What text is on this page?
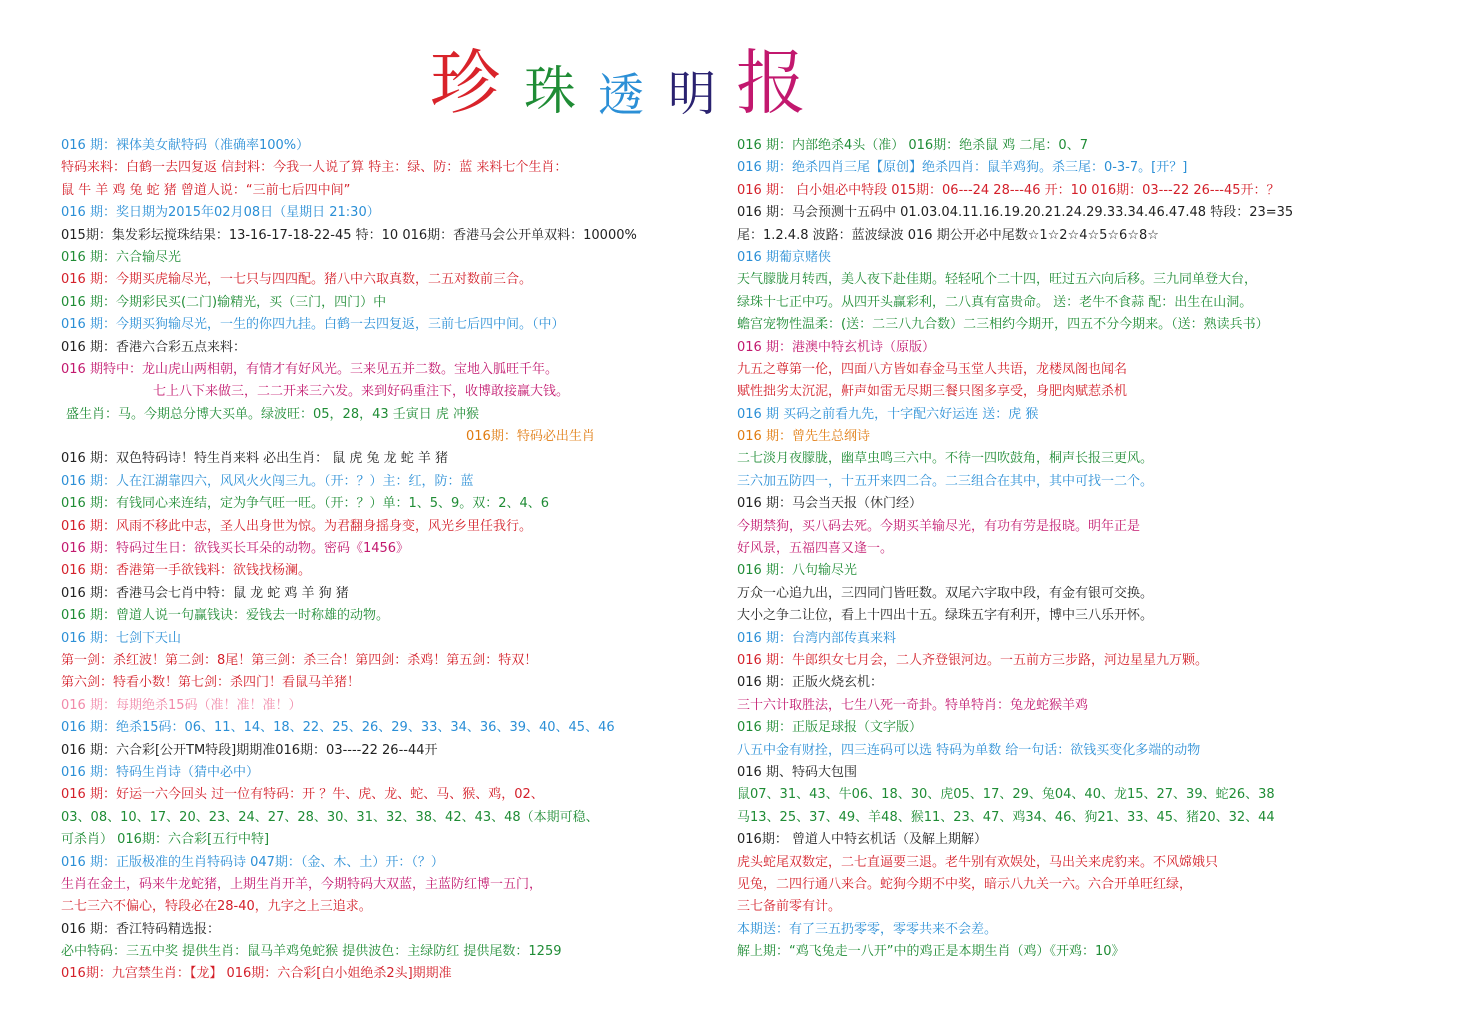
珍 珠 透 明 报
016 期：裸体美女献特码（准确率100%）
特码来料：白鹤一去四复返 信封料：今我一人说了算 特主：绿、防：蓝 来料七个生肖：
鼠 牛 羊 鸡 兔 蛇 猪 曾道人说：“三前七后四中间”
016 期：奖日期为2015年02月08日（星期日 21:30）
015期：集发彩坛搅珠结果：13-16-17-18-22-45 特：10 016期：香港马会公开单双料：10000%
016 期：六合输尽光
016 期：今期买虎输尽光，一七只与四四配。猪八中六取真数，二五对数前三合。
016 期：今期彩民买(二门)输精光，买（三门，四门）中
016 期：今期买狗输尽光，一生的你四九挂。白鹤一去四复返，三前七后四中间。（中）
016 期：香港六合彩五点来料：
016 期特中：龙山虎山两相朝，有情才有好风光。三来见五并二数。宝地入胍旺千年。
七上八下来做三，二二开来三六发。来到好码重注下，收博敢接赢大钱。
盛生肖：马。今期总分博大买单。绿波旺：05，28，43 壬寅日 虎 冲猴
016期：特码必出生肖
016 期：双色特码诗！特生肖来料 必出生肖： 鼠 虎 兔 龙 蛇 羊 猪
016 期：人在江湖靠四六，风风火火闯三九。（开：？）主：红，防：蓝
016 期：有钱同心来连结，定为争气旺一旺。（开：？）单：1、5、9。双：2、4、6
016 期：风雨不移此中志，圣人出身世为惊。为君翻身摇身变，风光乡里任我行。
016 期：特码过生日：欲钱买长耳朵的动物。密码《1456》
016 期：香港第一手欲钱料：欲钱找杨澜。
016 期：香港马会七肖中特：鼠 龙 蛇 鸡 羊 狗 猪
016 期：曾道人说一句赢钱诀：爱钱去一时称雄的动物。
016 期：七剑下天山
第一剑：杀红波！第二剑：8尾！第三剑：杀三合！第四剑：杀鸡！第五剑：特双！
第六剑：特看小数！第七剑：杀四门！看鼠马羊猪！
016 期：每期绝杀15码（准！准！准！）
016 期：绝杀15码：06、11、14、18、22、25、26、29、33、34、36、39、40、45、46
016 期：六合彩[公开TM特段]期期准016期：03----22 26--44开
016 期：特码生肖诗（猜中必中）
016 期：好运一六今回头 过一位有特码：开 ？牛、虎、龙、蛇、马、猴、鸡，02、
03、08、10、17、20、23、24、27、28、30、31、32、38、42、43、48（本期可稳、
可杀肖） 016期：六合彩[五行中特]
016 期：正版极准的生肖特码诗 047期：（金、木、土）开：（？）
生肖在金土，码来牛龙蛇猪，上期生肖开羊，今期特码大双蓝，主蓝防红博一五门，
二七三六不偏心，特段必在28-40，九字之上三追求。
016 期：香江特码精选报：
必中特码：三五中奖 提供生肖：鼠马羊鸡兔蛇猴 提供波色：主绿防红 提供尾数：1259
016期：九宫禁生肖：【龙】 016期：六合彩[白小姐绝杀2头]期期准
016 期：内部绝杀4头（准） 016期：绝杀鼠 鸡 二尾：0、7
016 期：绝杀四肖三尾【原创】绝杀四肖：鼠羊鸡狗。杀三尾：0-3-7。[开？]
016 期： 白小姐必中特段 015期：06---24 28---46 开：10 016期：03---22 26---45开：？
016 期：马会预测十五码中 01.03.04.11.16.19.20.21.24.29.33.34.46.47.48 特段：23=35
尾：1.2.4.8 波路：蓝波绿波 016 期公开必中尾数☆1☆2☆4☆5☆6☆8☆
016 期葡京赌侠
天气朦胧月转西，美人夜下赴佳期。轻轻吼个二十四，旺过五六向后移。三九同单登大台，
绿珠十七正中巧。从四开头赢彩利，二八真有富贵命。 送：老牛不食蒜 配：出生在山洞。
蟾宫宠物性温柔：(送：二三八九合数）二三相约今期开，四五不分今期来。（送：熟读兵书）
016 期：港澳中特玄机诗（原版）
九五之尊第一伦，四面八方皆如春金马玉堂人共语，龙楼凤阁也闻名
赋性拙劣太沉泥，鼾声如雷无尽期三餐只图多享受，身肥肉赋惹杀机
016 期 买码之前看九先，十字配六好运连 送：虎 猴
016 期：曾先生总纲诗
二七淡月夜朦胧，幽草虫鸣三六中。不待一四吹鼓角，桐声长报三更风。
三六加五防四一，十五开来四二合。二三组合在其中，其中可找一二个。
016 期：马会当天报（休门经）
今期禁狗，买八码去死。今期买羊输尽光，有功有劳是报晓。明年正是
好风景，五福四喜又逢一。
016 期：八句输尽光
万众一心追九出，三四同门皆旺数。双尾六字取中段，有金有银可交换。
大小之争二让位，看上十四出十五。绿珠五字有利开，博中三八乐开怀。
016 期：台湾内部传真来料
016 期：牛郎织女七月会，二人齐登银河边。一五前方三步路，河边星星九万颗。
016 期：正版火烧玄机：
三十六计取胜法，七生八死一奇卦。特单特肖：兔龙蛇猴羊鸡
016 期：正版足球报（文字版）
八五中金有财拴，四三连码可以选 特码为单数 给一句话：欲钱买变化多端的动物
016 期、特码大包围
鼠07、31、43、牛06、18、30、虎05、17、29、兔04、40、龙15、27、39、蛇26、38
马13、25、37、49、羊48、猴11、23、47、鸡34、46、狗21、33、45、猪20、32、44
016期： 曾道人中特玄机话（及解上期解）
虎头蛇尾双数定，二七直逼要三退。老牛别有欢娱处，马出关来虎豹来。不风嫦娥只
见兔，二四行通八来合。蛇狗今期不中奖，暗示八九关一六。六合开单旺红绿，
三七备前零有计。
本期送：有了三五扔零零，零零共来不会差。
解上期：“鸡飞兔走一八开”中的鸡正是本期生肖（鸡）《开鸡：10》
